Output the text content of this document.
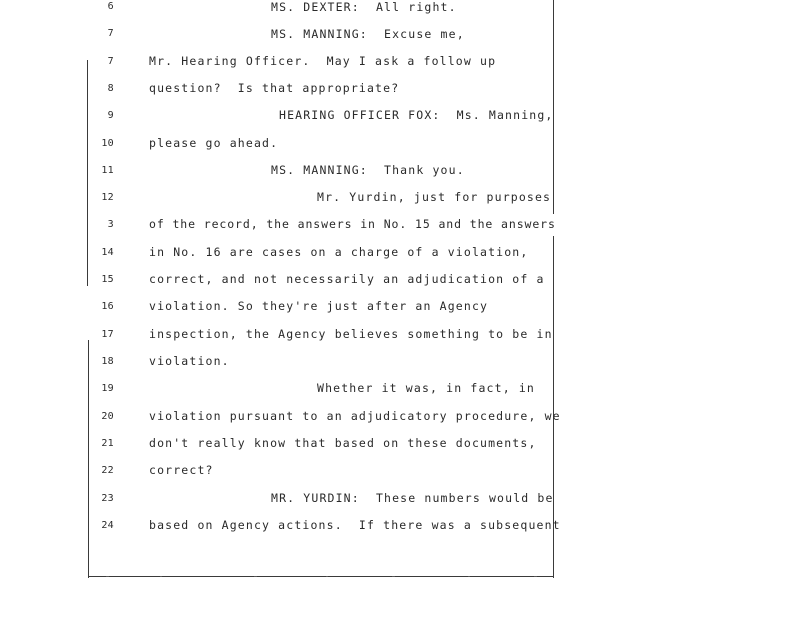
6	MS. DEXTER:  All right.
7	MS. MANNING:  Excuse me,
7	Mr. Hearing Officer.  May I ask a follow up
8	question?  Is that appropriate?
9	HEARING OFFICER FOX:  Ms. Manning,
10	please go ahead.
11	MS. MANNING:  Thank you.
12	Mr. Yurdin, just for purposes
3	of the record, the answers in No. 15 and the answers
14	in No. 16 are cases on a charge of a violation,
15	correct, and not necessarily an adjudication of a
16	violation. So they're just after an Agency
17	inspection, the Agency believes something to be in
18	violation.
19	Whether it was, in fact, in
20	violation pursuant to an adjudicatory procedure, we
21	don't really know that based on these documents,
22	correct?
23	MR. YURDIN:  These numbers would be
24	based on Agency actions.  If there was a subsequent
